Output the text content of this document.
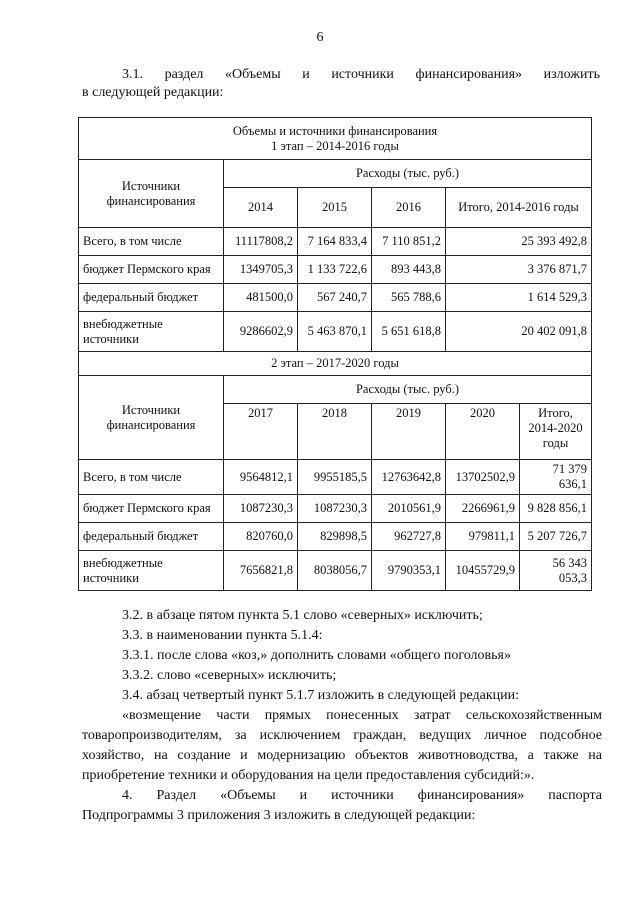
6
3.1. раздел «Объемы и источники финансирования» изложить
в следующей редакции:
Объемы и источники финансирования
1 этап – 2014-2016 годы					

Источники финансирования	Расходы (тыс. руб.)				
	2014	2015	2016	Итого, 2014-2016 годы	
Всего, в том числе	11117808,2	7 164 833,4	7 110 851,2	25 393 492,8	
бюджет Пермского края	1349705,3	1 133 722,6	893 443,8	3 376 871,7	
федеральный бюджет	481500,0	567 240,7	565 788,6	1 614 529,3	
внебюджетные источники	9286602,9	5 463 870,1	5 651 618,8	20 402 091,8	
2 этап – 2017-2020 годы					
Источники финансирования	Расходы (тыс. руб.)				
	2017	2018	2019	2020	Итого, 2014-2020 годы
Всего, в том числе	9564812,1	9955185,5	12763642,8	13702502,9	71 379 636,1
бюджет Пермского края	1087230,3	1087230,3	2010561,9	2266961,9	9 828 856,1
федеральный бюджет	820760,0	829898,5	962727,8	979811,1	5 207 726,7
внебюджетные источники	7656821,8	8038056,7	9790353,1	10455729,9	56 343 053,3

3.2. в абзаце пятом пункта 5.1 слово «северных» исключить;

3.3. в наименовании пункта 5.1.4:

3.3.1. после слова «коз,» дополнить словами «общего поголовья»

3.3.2. слово «северных» исключить;

3.4. абзац четвертый пункт 5.1.7 изложить в следующей редакции:

«возмещение части прямых понесенных затрат сельскохозяйственным товаропроизводителям, за исключением граждан, ведущих личное подсобное хозяйство, на создание и модернизацию объектов животноводства, а также на приобретение техники и оборудования на цели предоставления субсидий:».

4. Раздел «Объемы и источники финансирования» паспорта

Подпрограммы 3 приложения 3 изложить в следующей редакции:
